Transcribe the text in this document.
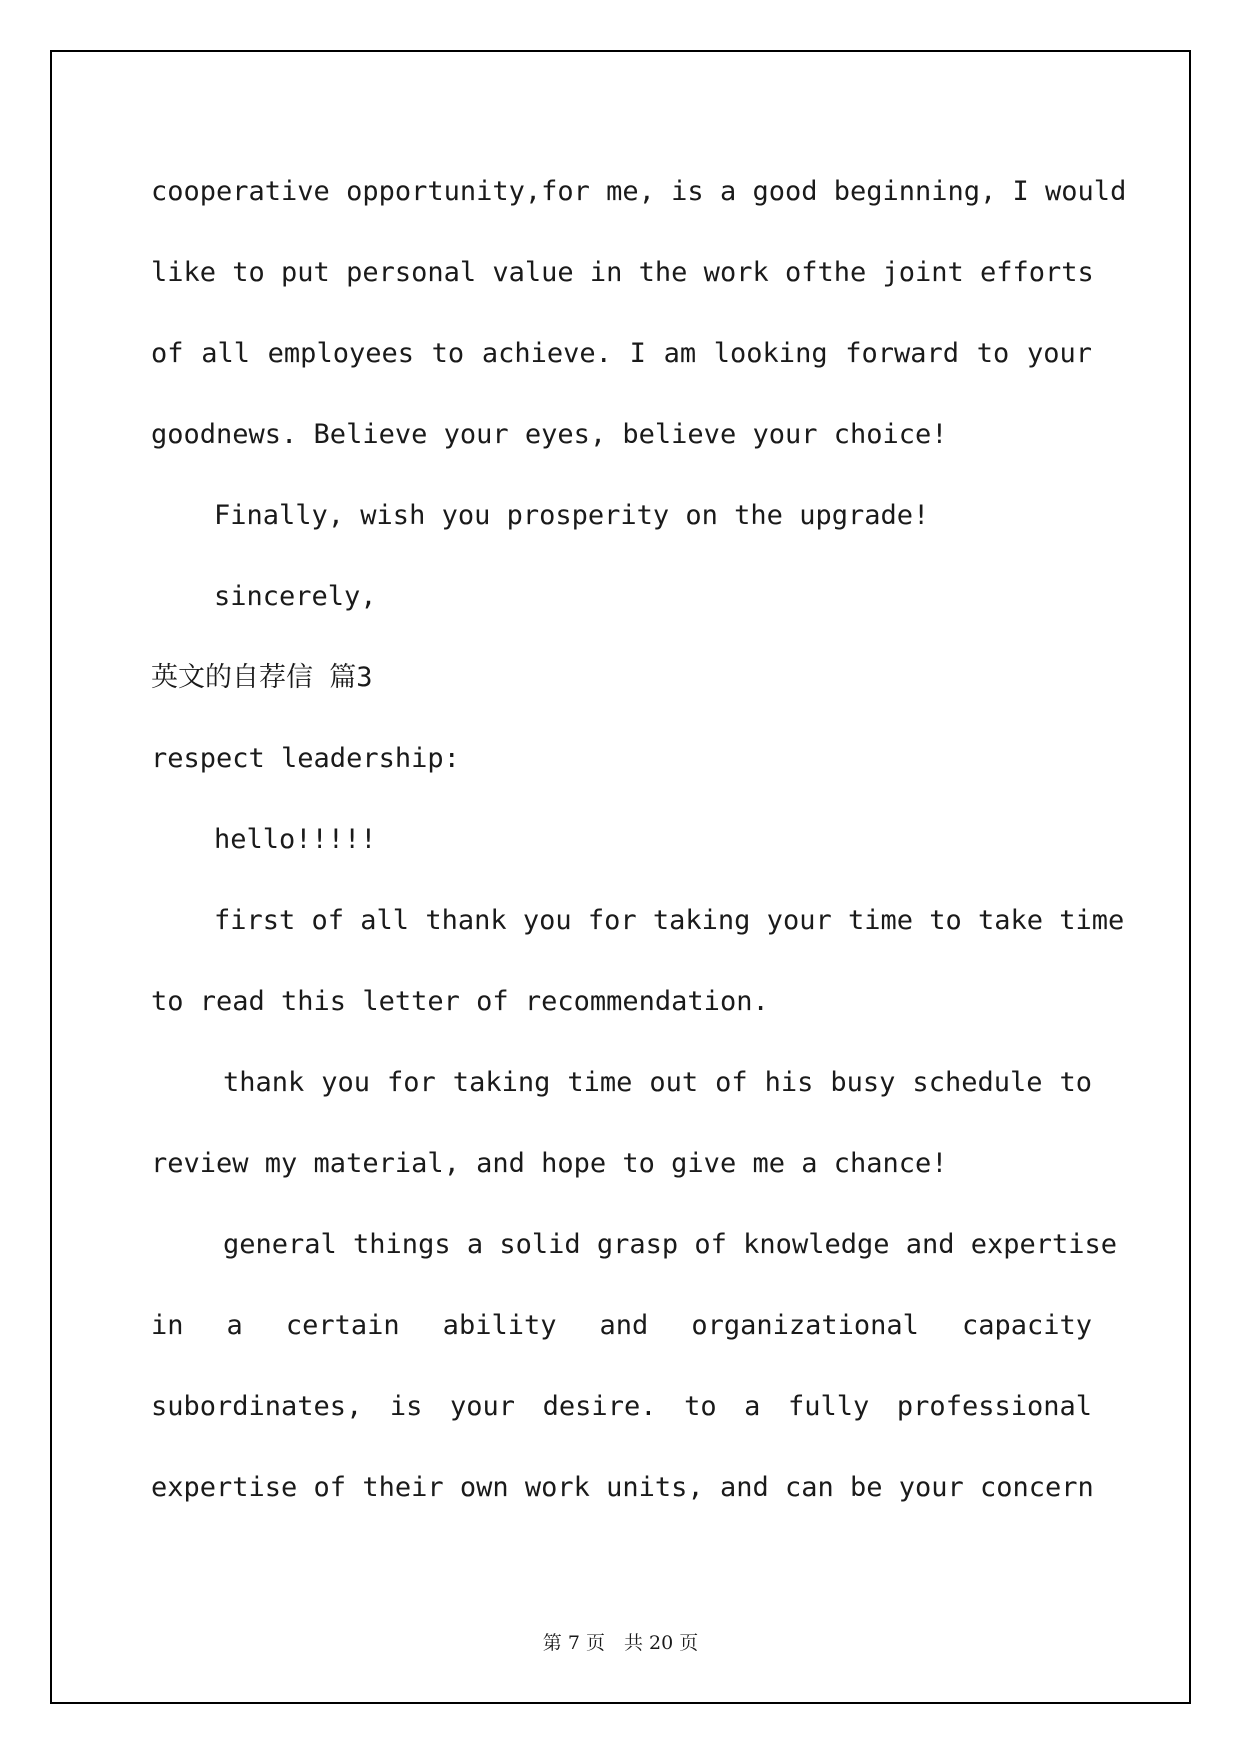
cooperative opportunity,for me, is a good beginning, I would
like to put personal value in the work ofthe joint efforts
of all employees to achieve. I am looking forward to your
goodnews. Believe your eyes, believe your choice!
Finally, wish you prosperity on the upgrade!
sincerely,
英文的自荐信 篇3
respect leadership:
hello!!!!!
first of all thank you for taking your time to take time
to read this letter of recommendation.
thank you for taking time out of his busy schedule to
review my material, and hope to give me a chance!
general things a solid grasp of knowledge and expertise
in a certain ability and organizational capacity
subordinates, is your desire. to a fully professional
expertise of their own work units, and can be your concern
第 7 页　共 20 页
